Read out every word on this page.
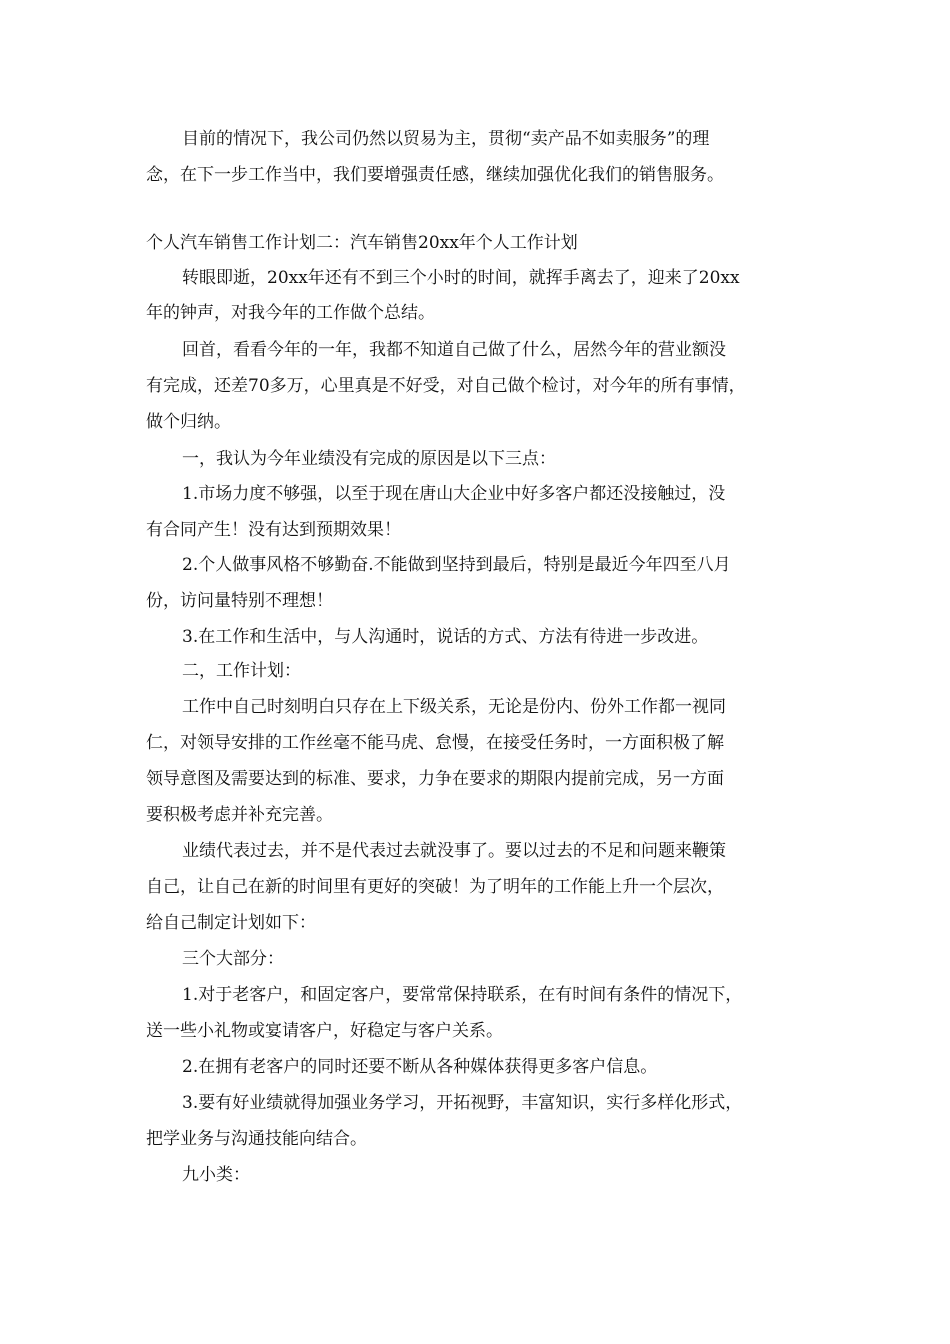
目前的情况下，我公司仍然以贸易为主，贯彻“卖产品不如卖服务”的理
念，在下一步工作当中，我们要增强责任感，继续加强优化我们的销售服务。
个人汽车销售工作计划二：汽车销售20xx年个人工作计划
转眼即逝，20xx年还有不到三个小时的时间，就挥手离去了，迎来了20xx
年的钟声，对我今年的工作做个总结。
回首，看看今年的一年，我都不知道自己做了什么，居然今年的营业额没
有完成，还差70多万，心里真是不好受，对自己做个检讨，对今年的所有事情，
做个归纳。
一，我认为今年业绩没有完成的原因是以下三点：
1.市场力度不够强，以至于现在唐山大企业中好多客户都还没接触过，没
有合同产生！没有达到预期效果！
2.个人做事风格不够勤奋.不能做到坚持到最后，特别是最近今年四至八月
份，访问量特别不理想！
3.在工作和生活中，与人沟通时，说话的方式、方法有待进一步改进。
二，工作计划：
工作中自己时刻明白只存在上下级关系，无论是份内、份外工作都一视同
仁，对领导安排的工作丝毫不能马虎、怠慢，在接受任务时，一方面积极了解
领导意图及需要达到的标准、要求，力争在要求的期限内提前完成，另一方面
要积极考虑并补充完善。
业绩代表过去，并不是代表过去就没事了。要以过去的不足和问题来鞭策
自己，让自己在新的时间里有更好的突破！为了明年的工作能上升一个层次，
给自己制定计划如下：
三个大部分：
1.对于老客户，和固定客户，要常常保持联系，在有时间有条件的情况下，
送一些小礼物或宴请客户，好稳定与客户关系。
2.在拥有老客户的同时还要不断从各种媒体获得更多客户信息。
3.要有好业绩就得加强业务学习，开拓视野，丰富知识，实行多样化形式，
把学业务与沟通技能向结合。
九小类：
